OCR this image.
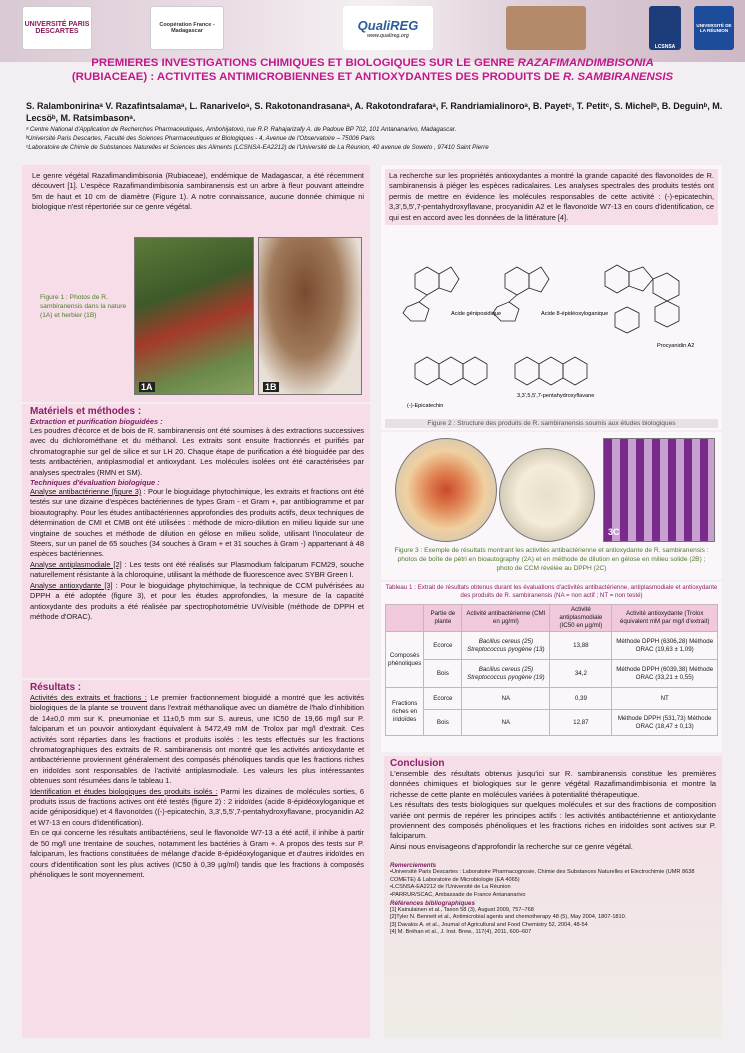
UNIVERSITÉ PARIS DESCARTES
Coopération France - Madagascar	QualiREG
www.qualireg.org
LCSNSA
UNIVERSITÉ DE LA RÉUNION
PREMIERES INVESTIGATIONS CHIMIQUES ET BIOLOGIQUES SUR LE GENRE RAZAFIMANDIMBISONIA
(RUBIACEAE) : ACTIVITES ANTIMICROBIENNES ET ANTIOXYDANTES DES PRODUITS DE R. SAMBIRANENSIS
S. Ralambonirinaᵃ V. Razafintsalamaᵃ, L. Ranariveloᵃ, S. Rakotonandrasanaᵃ, A. Rakotondrafaraᵃ, F. Randriamialinoroᵃ, B. Payetᶜ, T. Petitᶜ, S. Michelᵇ, B. Deguinᵇ, M. Lecsöᵇ, M. Ratsimbasonᵃ.
ᵃ Centre National d'Application de Recherches Pharmaceutiques, Ambohijatovo, rue R.P. Rahajarizafy A. de Padoue BP 702, 101 Antananarivo, Madagascar.
ᵇUniversité Paris Descartes, Faculté des Sciences Pharmaceutiques et Biologiques - 4, Avenue de l'Observatoire – 75006 Paris
ᶜLaboratoire de Chimie de Substances Naturelles et Sciences des Aliments (LCSNSA-EA2212) de l'Université de La Réunion, 40 avenue de Soweto , 97410 Saint Pierre
Le genre végétal Razafimandimbisonia (Rubiaceae), endémique de Madagascar, a été récemment découvert [1]. L'espèce Razafimandimbisonia sambiranensis est un arbre à fleur pouvant atteindre 5m de haut et 10 cm de diamètre (Figure 1). A notre connaissance, aucune donnée chimique ni biologique n'est répertoriée sur ce genre végétal.
Figure 1 : Photos de R. sambiranensis dans la nature (1A) et herbier (1B)
1A	1B
Matériels et méthodes :
Extraction et purification bioguidées :

Les poudres d'écorce et de bois de R. sambiranensis ont été soumises à des extractions successives avec du dichlorométhane et du méthanol. Les extraits sont ensuite fractionnés et purifiés par chromatographie sur gel de silice et sur LH 20. Chaque étape de purification a été bioguidée par des tests antibactérien, antiplasmodial et antioxydant. Les molécules isolées ont été caractérisées par analyses spectrales (RMN et SM).

Techniques d'évaluation biologique :

Analyse antibactérienne (figure 3) : Pour le bioguidage phytochimique, les extraits et fractions ont été testés sur une dizaine d'espèces bactériennes de types Gram - et Gram +, par antibiogramme et par bioautography. Pour les études antibactériennes approfondies des produits actifs, deux techniques de détermination de CMI et CMB ont été utilisées : méthode de micro-dilution en milieu liquide sur une vingtaine de souches et méthode de dilution en gélose en milieu solide, utilisant l'inoculateur de Steers, sur un panel de 65 souches (34 souches à Gram + et 31 souches à Gram -) appartenant à 48 espèces bactériennes.

Analyse antiplasmodiale [2] : Les tests ont été réalisés sur Plasmodium falciparum FCM29, souche naturellement résistante à la chloroquine, utilisant la méthode de fluorescence avec SYBR Green I.

Analyse antioxydante [3] : Pour le bioguidage phytochimique, la technique de CCM pulvérisées au DPPH a été adoptée (figure 3), et pour les études approfondies, la mesure de la capacité antioxydante des produits a été réalisée par spectrophotométrie UV/visible (méthode de DPPH et méthode d'ORAC).

Résultats :

Activités des extraits et fractions : Le premier fractionnement bioguidé a montré que les activités biologiques de la plante se trouvent dans l'extrait méthanolique avec un diamètre de l'halo d'inhibition de 14±0,0 mm sur K. pneumoniae et 11±0,5 mm sur S. aureus, une IC50 de 19,66 mg/l sur P. falciparum et un pouvoir antioxydant équivalent à 5472,49 mM de Trolox par mg/l d'extrait. Ces activités sont réparties dans les fractions et produits isolés : les tests effectués sur les fractions chromatographiques des extraits de R. sambiranensis ont montré que les activités antioxydante et antibactérienne proviennent généralement des composés phénoliques tandis que les fractions riches en iridoïdes sont responsables de l'activité antiplasmodiale. Les valeurs les plus intéressantes obtenues sont résumées dans le tableau 1.

Identification et études biologiques des produits isolés : Parmi les dizaines de molécules sorties, 6 produits issus de fractions actives ont été testés (figure 2) : 2 iridoïdes (acide 8-épidéoxyloganique et acide géniposidique) et 4 flavonoïdes ((-)-epicatechin, 3,3',5,5',7-pentahydroxyflavane, procyanidin A2 et W7-13 en cours d'identification).

En ce qui concerne les résultats antibactériens, seul le flavonoïde W7-13 a été actif, il inhibe à partir de 50 mg/l une trentaine de souches, notamment les bactéries à Gram +. A propos des tests sur P. falciparum, les fractions constituées de mélange d'acide 8-épidéoxyloganique et d'autres iridoïdes en cours d'identification sont les plus actives (IC50 à 0,39 µg/ml) tandis que les fractions à composés phénoliques le sont moyennement.

La recherche sur les propriétés antioxydantes a montré la grande capacité des flavonoïdes de R. sambiranensis à piéger les espèces radicalaires. Les analyses spectrales des produits testés ont permis de mettre en évidence les molécules responsables de cette activité : (-)-epicatechin, 3,3',5,5',7-pentahydroxyflavane, procyanidin A2 et le flavonoïde W7-13 en cours d'identification, ce qui est en accord avec les données de la littérature [4].
Acide géniposidique	Acide 8-épidéoxyloganique
Procyanidin A2
(-)-Epicatechin
3,3',5,5',7-pentahydroxyflavane
Figure 2 : Structure des produits de R. sambiranensis soumis aux études biologiques
3A	3B	3C
Figure 3 : Exemple de résultats montrant les activités antibactérienne et antioxydante de R. sambiranensis : photos de boîte de pétri en bioautography (2A) et en méthode de dilution en gélose en milieu solide (2B) ; photo de CCM révélée au DPPH (2C)
Tableau 1 : Extrait de résultats obtenus durant les évaluations d'activités antibactérienne, antiplasmodiale et antioxydante des produits de R. sambiranensis (NA = non actif ; NT = non testé)
	Partie de plante	Activité antibactérienne (CMI en µg/ml)	Activité antiplasmodiale (IC50 en µg/ml)	Activité antioxydante (Trolox équivalent mM par mg/l d'extrait)
Composés phénoliques	Ecorce	Bacillus cereus (25) Streptococcus pyogène (13)	13,88	Méthode DPPH (6306,28) Méthode ORAC (19,63 ± 1,09)
	Bois	Bacillus cereus (25) Streptococcus pyogène (19)	34,2	Méthode DPPH (6039,38) Méthode ORAC (33,21 ± 0,55)
Fractions riches en iridoïdes	Ecorce	NA	0,39	NT
	Bois	NA	12,87	Méthode DPPH (531,73) Méthode ORAC (18,47 ± 0,13)
Conclusion

L'ensemble des résultats obtenus jusqu'ici sur R. sambiranensis constitue les premières données chimiques et biologiques sur le genre végétal Razafimandimbisonia et montre la richesse de cette plante en molécules variées à potentialité thérapeutique.

Les résultats des tests biologiques sur quelques molécules et sur des fractions de composition variée ont permis de repérer les principes actifs : les activités antibactérienne et antioxydante proviennent des composés phénoliques et les fractions riches en iridoïdes sont actives sur P. falciparum.

Ainsi nous envisageons d'approfondir la recherche sur ce genre végétal.

Remerciements
•Université Paris Descartes : Laboratoire Pharmacognosie, Chimie des Substances Naturelles et Electrochimie (UMR 8638 COMETE) & Laboratoire de Microbiologie (EA 4065)
•LCSNSA-EA2212 de l'Université de La Réunion
•PARRUR/SCAC, Ambassade de France Antananarivo
Références bibliographiques
[1] Kainulainen et al., Taxon 58 (3), August 2009, 757–768
[2]Tyler N. Bennett et al., Antimicrobial agents and chemotherapy 48 (5), May 2004, 1807-1810.
[3] Davalos A. et al., Journal of Agricultural and Food Chemistry 52, 2004, 48-54
[4] M. Bréhan et al., J. Inst. Brew., 117(4), 2011, 600–607
